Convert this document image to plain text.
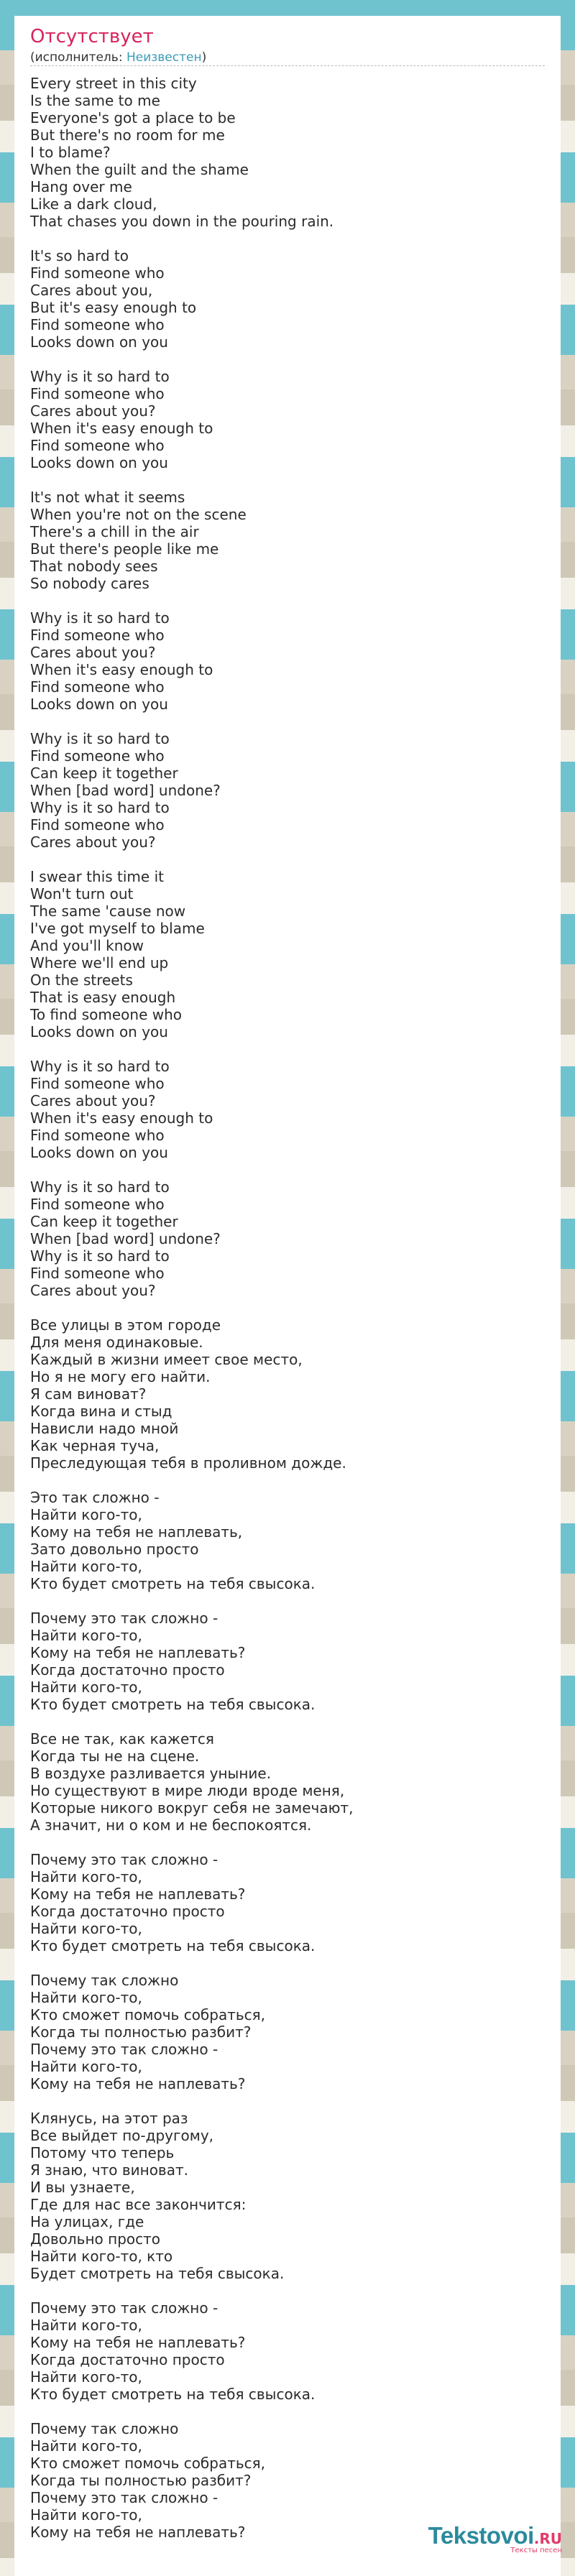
Отсутствует
(исполнитель: Неизвестен)
Every street in this city
Is the same to me
Everyone's got a place to be
But there's no room for me
I to blame?
When the guilt and the shame
Hang over me
Like a dark cloud,
That chases you down in the pouring rain.
It's so hard to
Find someone who
Cares about you,
But it's easy enough to
Find someone who
Looks down on you
Why is it so hard to
Find someone who
Cares about you?
When it's easy enough to
Find someone who
Looks down on you
It's not what it seems
When you're not on the scene
There's a chill in the air
But there's people like me
That nobody sees
So nobody cares
Why is it so hard to
Find someone who
Cares about you?
When it's easy enough to
Find someone who
Looks down on you
Why is it so hard to
Find someone who
Can keep it together
When [bad word] undone?
Why is it so hard to
Find someone who
Cares about you?
I swear this time it
Won't turn out
The same 'cause now
I've got myself to blame
And you'll know
Where we'll end up
On the streets
That is easy enough
To find someone who
Looks down on you
Why is it so hard to
Find someone who
Cares about you?
When it's easy enough to
Find someone who
Looks down on you
Why is it so hard to
Find someone who
Can keep it together
When [bad word] undone?
Why is it so hard to
Find someone who
Cares about you?
Все улицы в этом городе
Для меня одинаковые.
Каждый в жизни имеет свое место,
Но я не могу его найти.
Я сам виноват?
Когда вина и стыд
Нависли надо мной
Как черная туча,
Преследующая тебя в проливном дожде.
Это так сложно -
Найти кого-то,
Кому на тебя не наплевать,
Зато довольно просто
Найти кого-то,
Кто будет смотреть на тебя свысока.
Почему это так сложно -
Найти кого-то,
Кому на тебя не наплевать?
Когда достаточно просто
Найти кого-то,
Кто будет смотреть на тебя свысока.
Все не так, как кажется
Когда ты не на сцене.
В воздухе разливается уныние.
Но существуют в мире люди вроде меня,
Которые никого вокруг себя не замечают,
А значит, ни о ком и не беспокоятся.
Почему это так сложно -
Найти кого-то,
Кому на тебя не наплевать?
Когда достаточно просто
Найти кого-то,
Кто будет смотреть на тебя свысока.
Почему так сложно
Найти кого-то,
Кто сможет помочь собраться,
Когда ты полностью разбит?
Почему это так сложно -
Найти кого-то,
Кому на тебя не наплевать?
Клянусь, на этот раз
Все выйдет по-другому,
Потому что теперь
Я знаю, что виноват.
И вы узнаете,
Где для нас все закончится:
На улицах, где
Довольно просто
Найти кого-то, кто
Будет смотреть на тебя свысока.
Почему это так сложно -
Найти кого-то,
Кому на тебя не наплевать?
Когда достаточно просто
Найти кого-то,
Кто будет смотреть на тебя свысока.
Почему так сложно
Найти кого-то,
Кто сможет помочь собраться,
Когда ты полностью разбит?
Почему это так сложно -
Найти кого-то,
Кому на тебя не наплевать?	Tekstovoi.RU
Тексты песен
